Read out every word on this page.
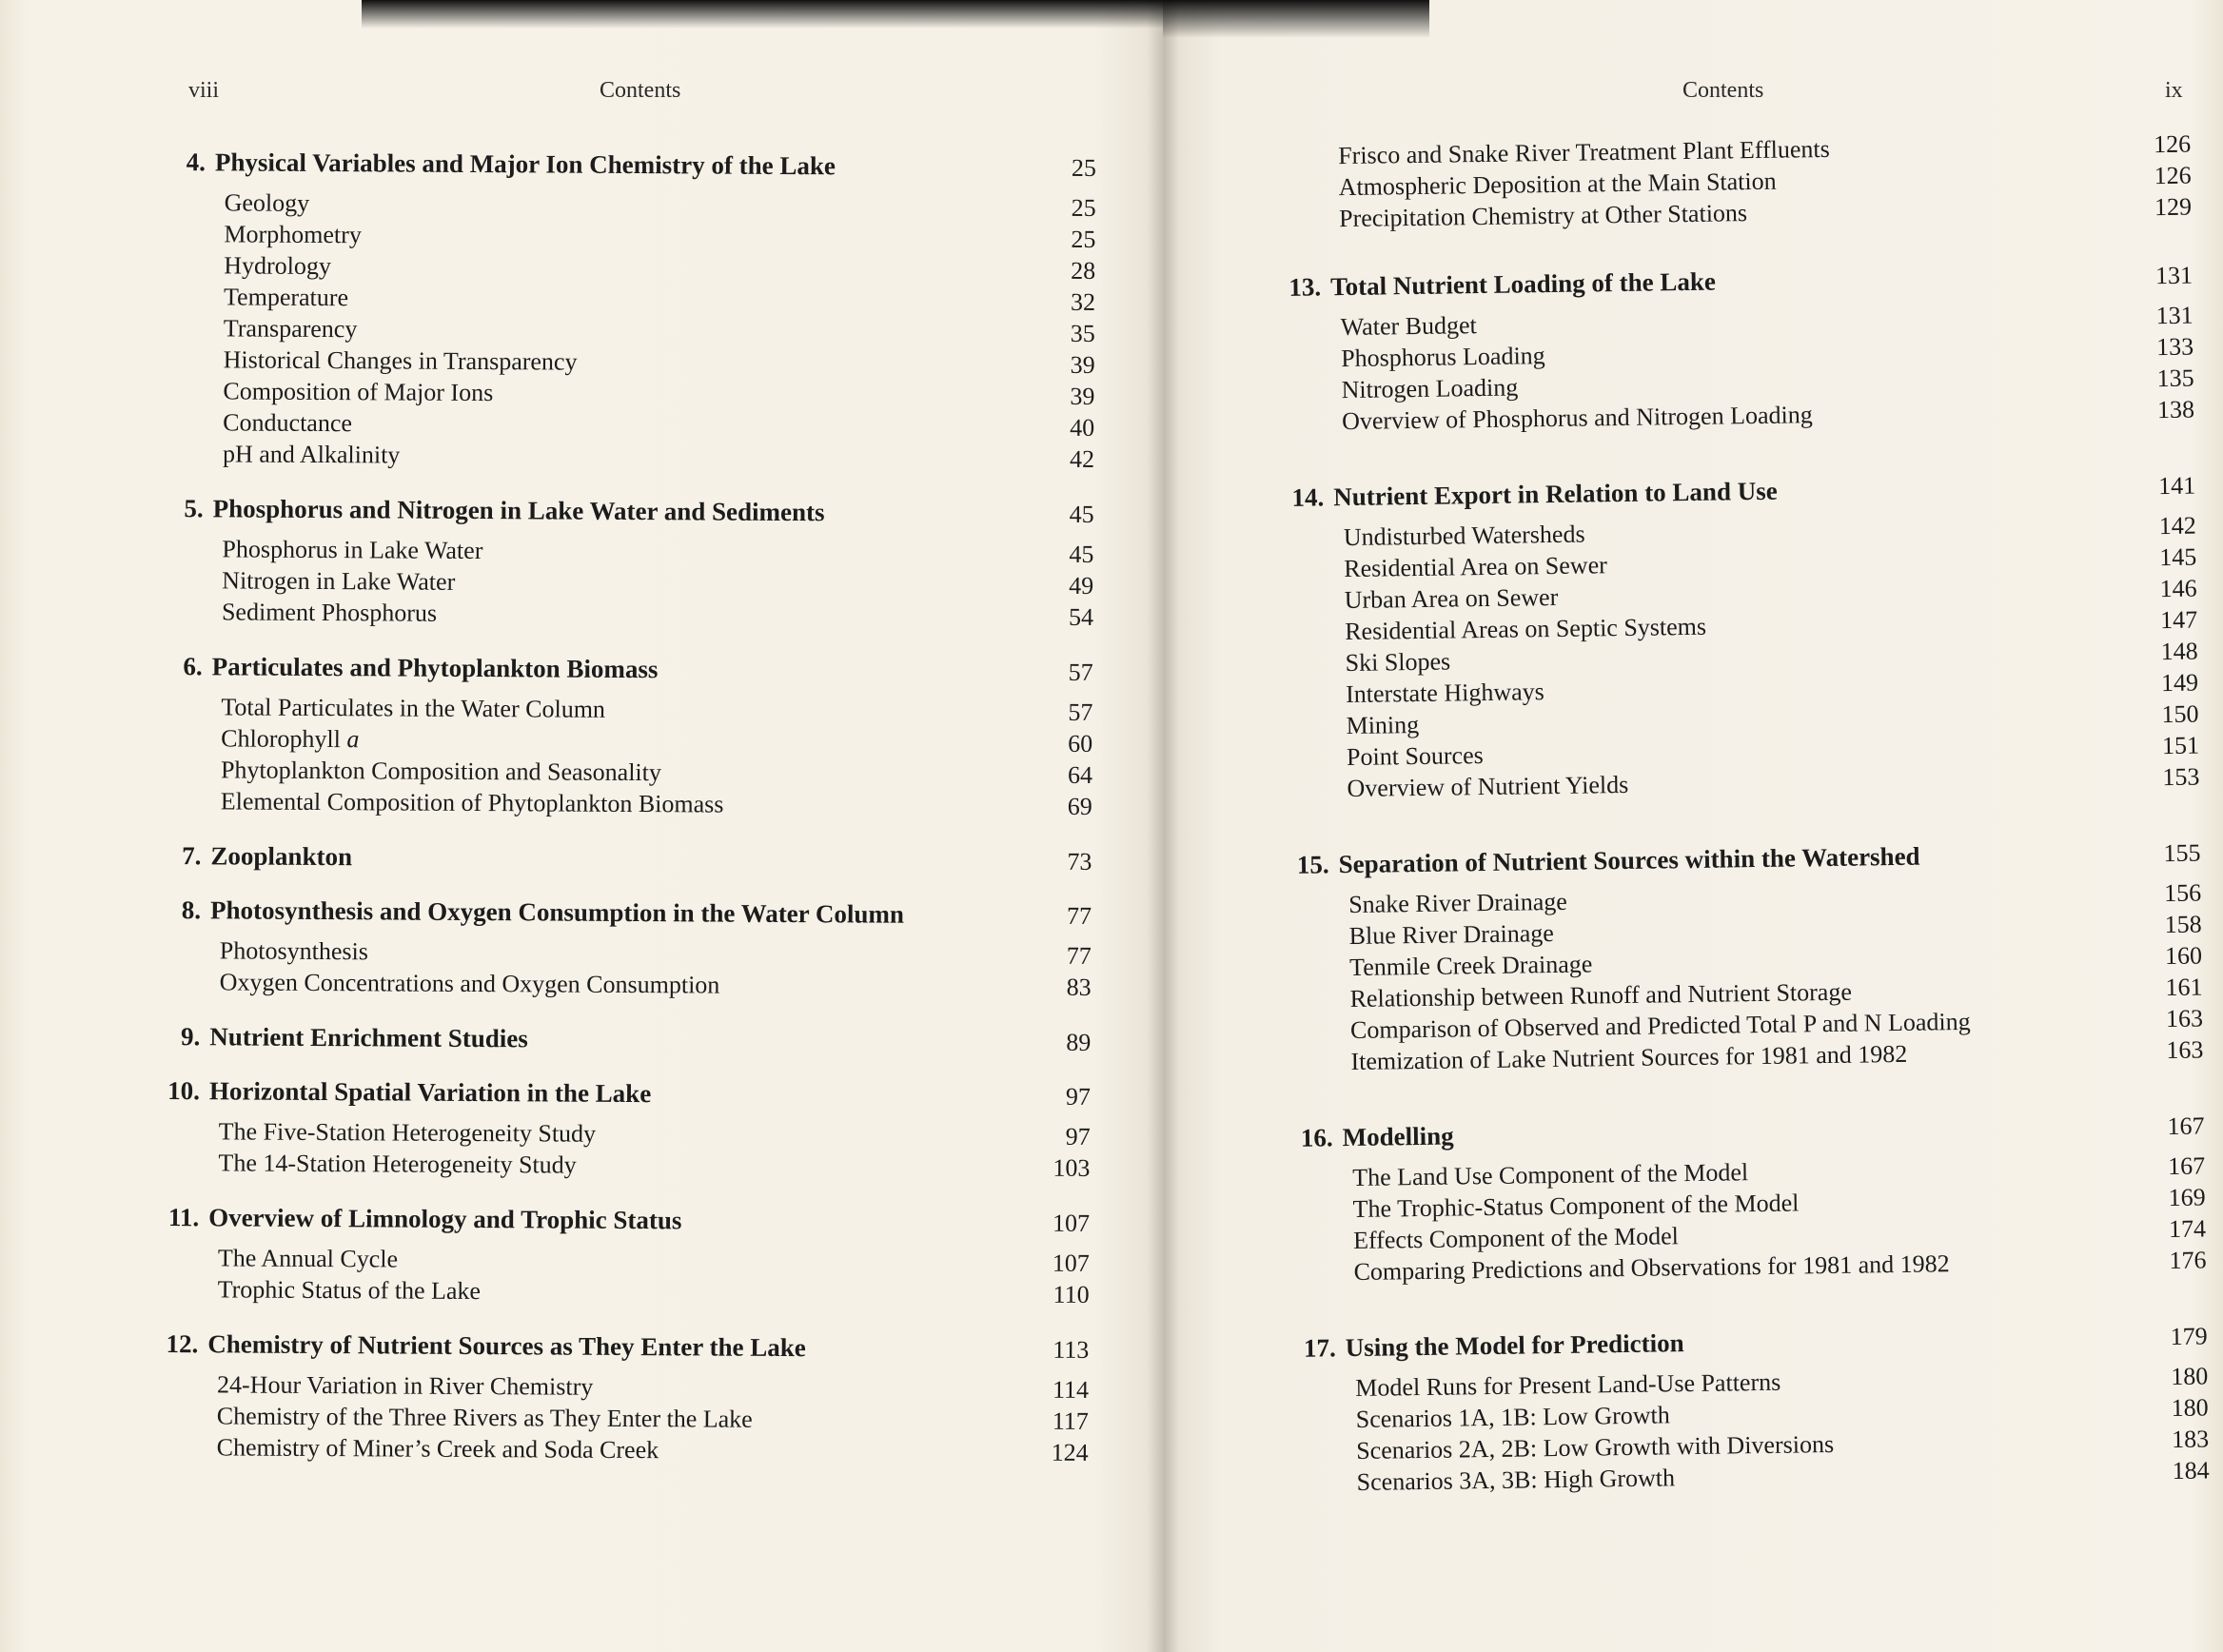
viii	Contents
4. Physical Variables and Major Ion Chemistry of the Lake	25
Geology	25
Morphometry	25
Hydrology	28
Temperature	32
Transparency	35
Historical Changes in Transparency	39
Composition of Major Ions	39
Conductance	40
pH and Alkalinity	42
5. Phosphorus and Nitrogen in Lake Water and Sediments	45
Phosphorus in Lake Water	45
Nitrogen in Lake Water	49
Sediment Phosphorus	54
6. Particulates and Phytoplankton Biomass	57
Total Particulates in the Water Column	57
Chlorophyll a	60
Phytoplankton Composition and Seasonality	64
Elemental Composition of Phytoplankton Biomass	69
7. Zooplankton	73
8. Photosynthesis and Oxygen Consumption in the Water Column	77
Photosynthesis	77
Oxygen Concentrations and Oxygen Consumption	83
9. Nutrient Enrichment Studies	89
10. Horizontal Spatial Variation in the Lake	97
The Five-Station Heterogeneity Study	97
The 14-Station Heterogeneity Study	103
11. Overview of Limnology and Trophic Status	107
The Annual Cycle	107
Trophic Status of the Lake	110
12. Chemistry of Nutrient Sources as They Enter the Lake	113
24-Hour Variation in River Chemistry	114
Chemistry of the Three Rivers as They Enter the Lake	117
Chemistry of Miner’s Creek and Soda Creek	124
Contents	ix
Frisco and Snake River Treatment Plant Effluents	126
Atmospheric Deposition at the Main Station	126
Precipitation Chemistry at Other Stations	129
13. Total Nutrient Loading of the Lake	131
Water Budget	131
Phosphorus Loading	133
Nitrogen Loading	135
Overview of Phosphorus and Nitrogen Loading	138
14. Nutrient Export in Relation to Land Use	141
Undisturbed Watersheds	142
Residential Area on Sewer	145
Urban Area on Sewer	146
Residential Areas on Septic Systems	147
Ski Slopes	148
Interstate Highways	149
Mining	150
Point Sources	151
Overview of Nutrient Yields	153
15. Separation of Nutrient Sources within the Watershed	155
Snake River Drainage	156
Blue River Drainage	158
Tenmile Creek Drainage	160
Relationship between Runoff and Nutrient Storage	161
Comparison of Observed and Predicted Total P and N Loading	163
Itemization of Lake Nutrient Sources for 1981 and 1982	163
16. Modelling	167
The Land Use Component of the Model	167
The Trophic-Status Component of the Model	169
Effects Component of the Model	174
Comparing Predictions and Observations for 1981 and 1982	176
17. Using the Model for Prediction	179
Model Runs for Present Land-Use Patterns	180
Scenarios 1A, 1B: Low Growth	180
Scenarios 2A, 2B: Low Growth with Diversions	183
Scenarios 3A, 3B: High Growth	184
